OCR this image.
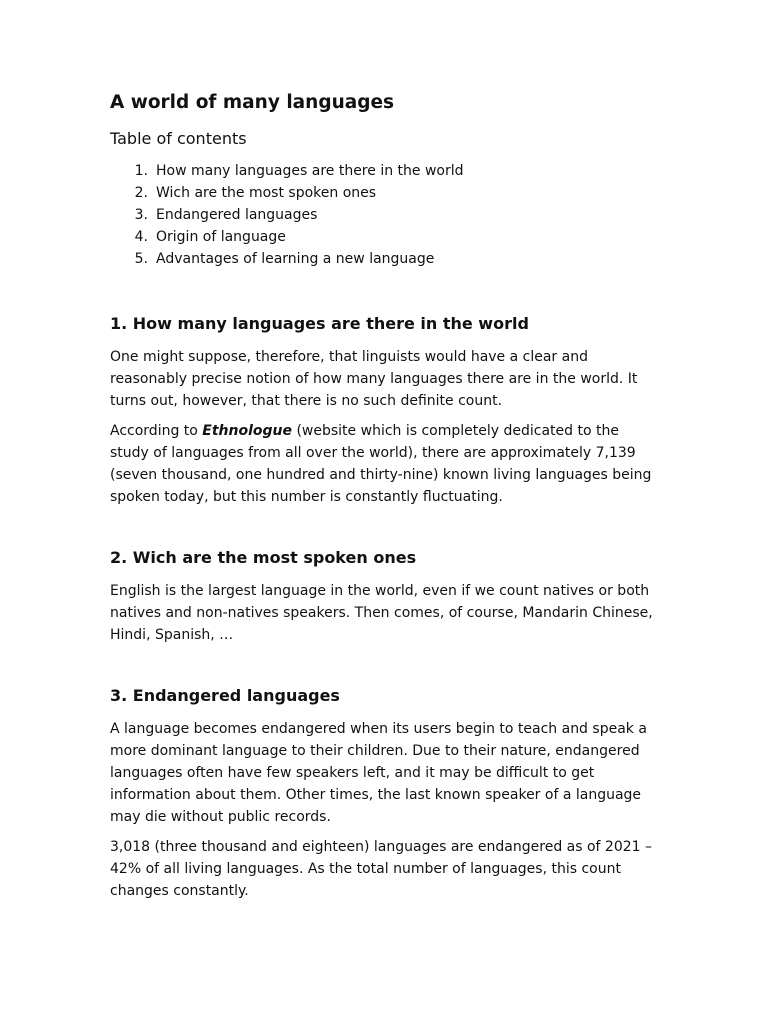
A world of many languages
Table of contents
1. How many languages are there in the world
2. Wich are the most spoken ones
3. Endangered languages
4. Origin of language
5. Advantages of learning a new language
1. How many languages are there in the world

One might suppose, therefore, that linguists would have a clear and reasonably precise notion of how many languages there are in the world. It turns out, however, that there is no such definite count.

According to Ethnologue (website which is completely dedicated to the study of languages from all over the world), there are approximately 7,139 (seven thousand, one hundred and thirty-nine) known living languages being spoken today, but this number is constantly fluctuating.

2. Wich are the most spoken ones

English is the largest language in the world, even if we count natives or both natives and non-natives speakers. Then comes, of course, Mandarin Chinese, Hindi, Spanish, …

3. Endangered languages

A language becomes endangered when its users begin to teach and speak a more dominant language to their children. Due to their nature, endangered languages often have few speakers left, and it may be difficult to get information about them. Other times, the last known speaker of a language may die without public records.

3,018 (three thousand and eighteen) languages are endangered as of 2021 – 42% of all living languages. As the total number of languages, this count changes constantly.
